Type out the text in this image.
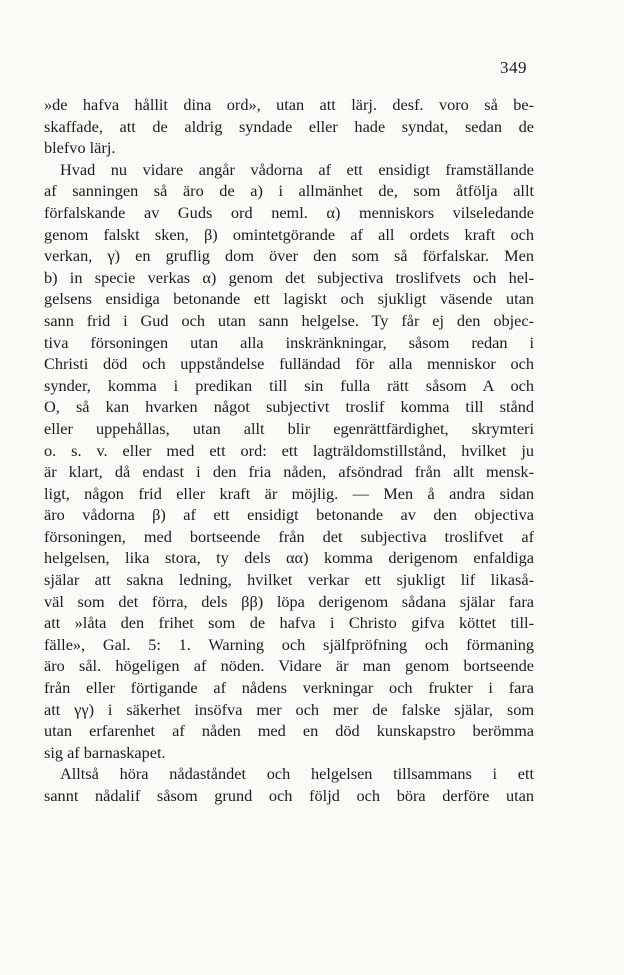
349
»de hafva hållit dina ord», utan att lärj. desf. voro så be-
skaffade, att de aldrig syndade eller hade syndat, sedan de
blefvo lärj.
Hvad nu vidare angår vådorna af ett ensidigt framställande
af sanningen så äro de a) i allmänhet de, som åtfölja allt
förfalskande av Guds ord neml. α) menniskors vilseledande
genom falskt sken, β) omintetgörande af all ordets kraft och
verkan, γ) en gruflig dom över den som så förfalskar. Men
b) in specie verkas α) genom det subjectiva troslifvets och hel-
gelsens ensidiga betonande ett lagiskt och sjukligt väsende utan
sann frid i Gud och utan sann helgelse. Ty får ej den objec-
tiva försoningen utan alla inskränkningar, såsom redan i
Christi död och uppståndelse fulländad för alla menniskor och
synder, komma i predikan till sin fulla rätt såsom A och
O, så kan hvarken något subjectivt troslif komma till stånd
eller uppehållas, utan allt blir egenrättfärdighet, skrymteri
o. s. v. eller med ett ord: ett lagträldomstillstånd, hvilket ju
är klart, då endast i den fria nåden, afsöndrad från allt mensk-
ligt, någon frid eller kraft är möjlig. — Men å andra sidan
äro vådorna β) af ett ensidigt betonande av den objectiva
försoningen, med bortseende från det subjectiva troslifvet af
helgelsen, lika stora, ty dels αα) komma derigenom enfaldiga
själar att sakna ledning, hvilket verkar ett sjukligt lif likaså-
väl som det förra, dels ββ) löpa derigenom sådana själar fara
att »låta den frihet som de hafva i Christo gifva köttet till-
fälle», Gal. 5: 1. Warning och själfpröfning och förmaning
äro sål. högeligen af nöden. Vidare är man genom bortseende
från eller förtigande af nådens verkningar och frukter i fara
att γγ) i säkerhet insöfva mer och mer de falske själar, som
utan erfarenhet af nåden med en död kunskapstro berömma
sig af barnaskapet.
Alltså höra nådaståndet och helgelsen tillsammans i ett
sannt nådalif såsom grund och följd och böra derföre utan
